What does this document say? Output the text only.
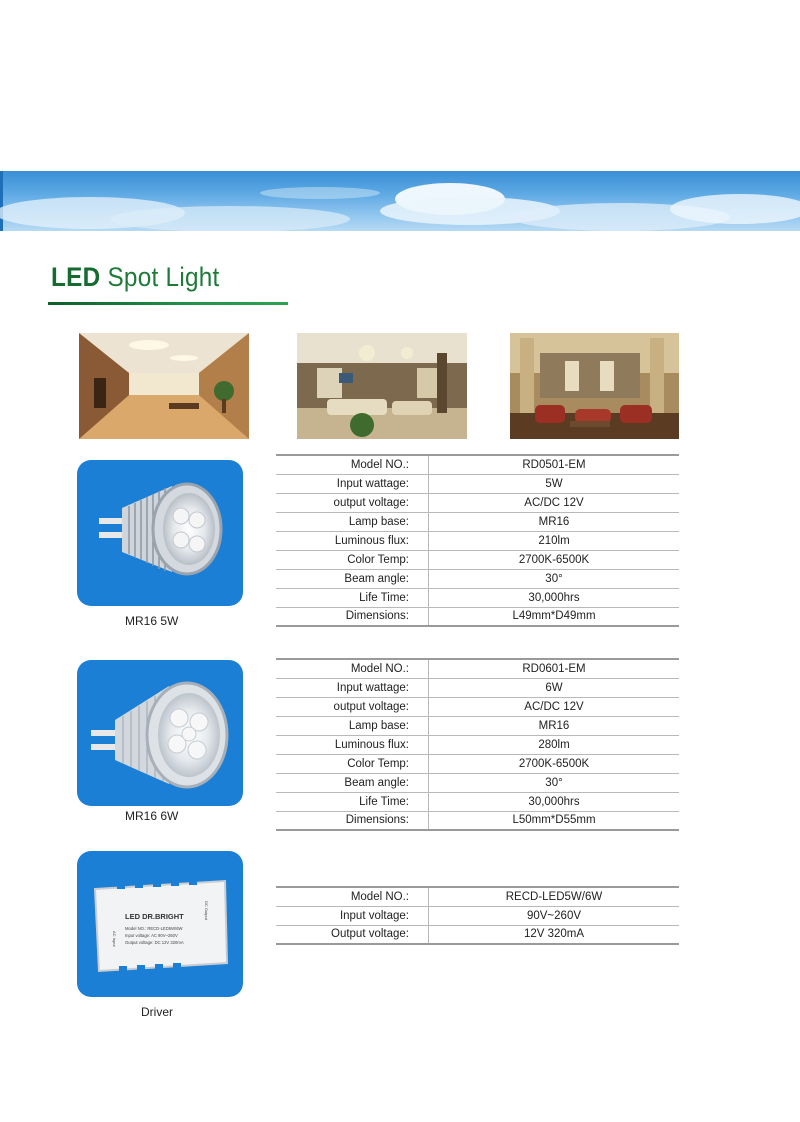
LED Spot Light
MR16 5W
Model NO.:	RD0501-EM
Input wattage:	5W
output voltage:	AC/DC 12V
Lamp base:	MR16
Luminous flux:	210lm
Color Temp:	2700K-6500K
Beam angle:	30°
Life Time:	30,000hrs
Dimensions:	L49mm*D49mm
MR16 6W
Model NO.:	RD0601-EM
Input wattage:	6W
output voltage:	AC/DC 12V
Lamp base:	MR16
Luminous flux:	280lm
Color Temp:	2700K-6500K
Beam angle:	30°
Life Time:	30,000hrs
Dimensions:	L50mm*D55mm
LED DR.BRIGHT
Model NO.: RECD-LED5W/6W
Input voltage: AC 90V~260V
Output voltage: DC 12V 320mA
DC Output
AC Input
Driver
Model NO.:	RECD-LED5W/6W
Input voltage:	90V~260V
Output voltage:	12V 320mA
